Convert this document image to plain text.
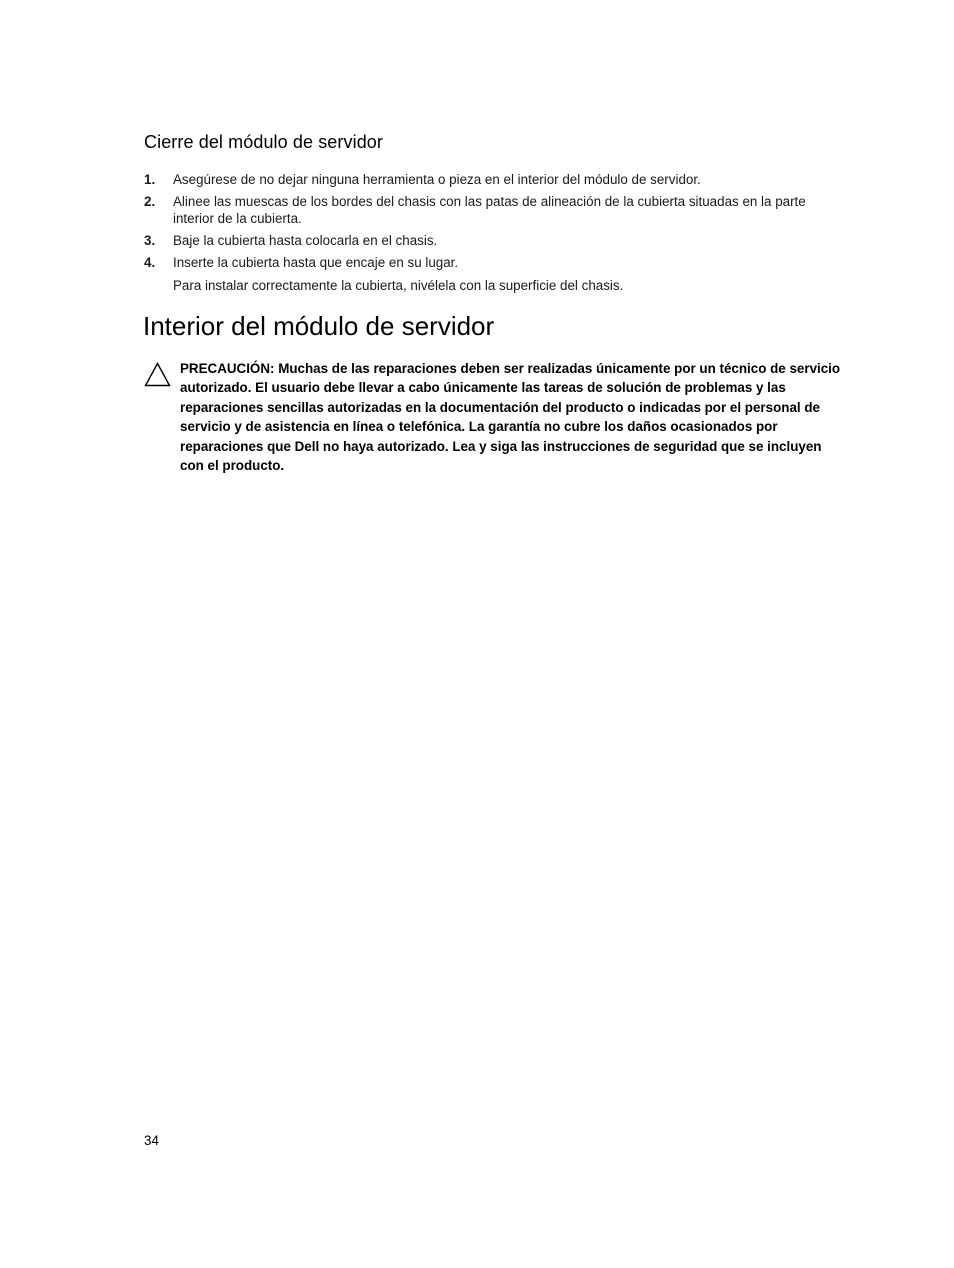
Cierre del módulo de servidor
1. Asegúrese de no dejar ninguna herramienta o pieza en el interior del módulo de servidor.
2. Alinee las muescas de los bordes del chasis con las patas de alineación de la cubierta situadas en la parte interior de la cubierta.
3. Baje la cubierta hasta colocarla en el chasis.
4. Inserte la cubierta hasta que encaje en su lugar.
Para instalar correctamente la cubierta, nivélela con la superficie del chasis.
Interior del módulo de servidor

PRECAUCIÓN: Muchas de las reparaciones deben ser realizadas únicamente por un técnico de servicio autorizado. El usuario debe llevar a cabo únicamente las tareas de solución de problemas y las reparaciones sencillas autorizadas en la documentación del producto o indicadas por el personal de servicio y de asistencia en línea o telefónica. La garantía no cubre los daños ocasionados por reparaciones que Dell no haya autorizado. Lea y siga las instrucciones de seguridad que se incluyen con el producto.

34
